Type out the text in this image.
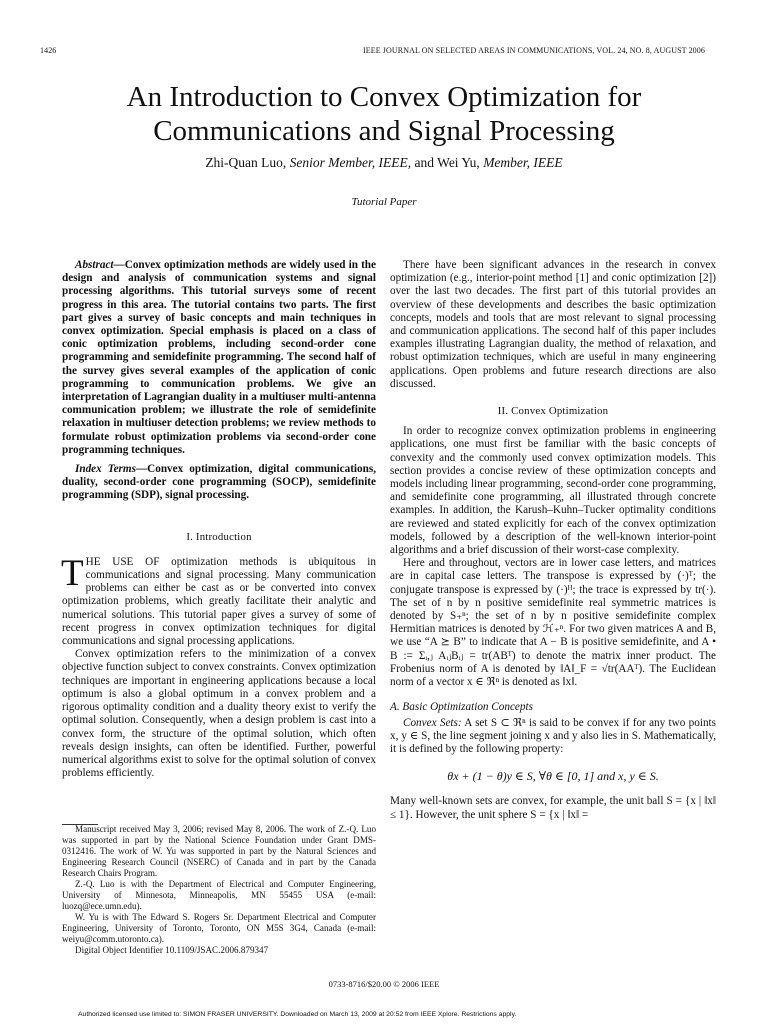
1426	IEEE JOURNAL ON SELECTED AREAS IN COMMUNICATIONS, VOL. 24, NO. 8, AUGUST 2006
An Introduction to Convex Optimization for
Communications and Signal Processing
Zhi-Quan Luo, Senior Member, IEEE, and Wei Yu, Member, IEEE
Tutorial Paper

Abstract—Convex optimization methods are widely used in the design and analysis of communication systems and signal processing algorithms. This tutorial surveys some of recent progress in this area. The tutorial contains two parts. The first part gives a survey of basic concepts and main techniques in convex optimization. Special emphasis is placed on a class of conic optimization problems, including second-order cone programming and semidefinite programming. The second half of the survey gives several examples of the application of conic programming to communication problems. We give an interpretation of Lagrangian duality in a multiuser multi-antenna communication problem; we illustrate the role of semidefinite relaxation in multiuser detection problems; we review methods to formulate robust optimization problems via second-order cone programming techniques.

Index Terms—Convex optimization, digital communications, duality, second-order cone programming (SOCP), semidefinite programming (SDP), signal processing.

I. Introduction

THE USE OF optimization methods is ubiquitous in communications and signal processing. Many communication problems can either be cast as or be converted into convex optimization problems, which greatly facilitate their analytic and numerical solutions. This tutorial paper gives a survey of some of recent progress in convex optimization techniques for digital communications and signal processing applications.

Convex optimization refers to the minimization of a convex objective function subject to convex constraints. Convex optimization techniques are important in engineering applications because a local optimum is also a global optimum in a convex problem and a rigorous optimality condition and a duality theory exist to verify the optimal solution. Consequently, when a design problem is cast into a convex form, the structure of the optimal solution, which often reveals design insights, can often be identified. Further, powerful numerical algorithms exist to solve for the optimal solution of convex problems efficiently.

Manuscript received May 3, 2006; revised May 8, 2006. The work of Z.-Q. Luo was supported in part by the National Science Foundation under Grant DMS-0312416. The work of W. Yu was supported in part by the Natural Sciences and Engineering Research Council (NSERC) of Canada and in part by the Canada Research Chairs Program.

Z.-Q. Luo is with the Department of Electrical and Computer Engineering, University of Minnesota, Minneapolis, MN 55455 USA (e-mail: luozq@ece.umn.edu).

W. Yu is with The Edward S. Rogers Sr. Department Electrical and Computer Engineering, University of Toronto, Toronto, ON M5S 3G4, Canada (e-mail: weiyu@comm.utoronto.ca).

Digital Object Identifier 10.1109/JSAC.2006.879347

There have been significant advances in the research in convex optimization (e.g., interior-point method [1] and conic optimization [2]) over the last two decades. The first part of this tutorial provides an overview of these developments and describes the basic optimization concepts, models and tools that are most relevant to signal processing and communication applications. The second half of this paper includes examples illustrating Lagrangian duality, the method of relaxation, and robust optimization techniques, which are useful in many engineering applications. Open problems and future research directions are also discussed.

II. Convex Optimization

In order to recognize convex optimization problems in engineering applications, one must first be familiar with the basic concepts of convexity and the commonly used convex optimization models. This section provides a concise review of these optimization concepts and models including linear programming, second-order cone programming, and semidefinite cone programming, all illustrated through concrete examples. In addition, the Karush–Kuhn–Tucker optimality conditions are reviewed and stated explicitly for each of the convex optimization models, followed by a description of the well-known interior-point algorithms and a brief discussion of their worst-case complexity.

Here and throughout, vectors are in lower case letters, and matrices are in capital case letters. The transpose is expressed by (·)ᵀ; the conjugate transpose is expressed by (·)ᴴ; the trace is expressed by tr(·). The set of n by n positive semidefinite real symmetric matrices is denoted by S₊ⁿ; the set of n by n positive semidefinite complex Hermitian matrices is denoted by ℋ₊ⁿ. For two given matrices A and B, we use “A ⪰ B” to indicate that A − B is positive semidefinite, and A • B := Σᵢ,ⱼ AᵢⱼBᵢⱼ = tr(ABᵀ) to denote the matrix inner product. The Frobenius norm of A is denoted by ‖A‖_F = √tr(AAᵀ). The Euclidean norm of a vector x ∈ ℜⁿ is denoted as ‖x‖.

A. Basic Optimization Concepts

Convex Sets: A set S ⊂ ℜⁿ is said to be convex if for any two points x, y ∈ S, the line segment joining x and y also lies in S. Mathematically, it is defined by the following property:

θx + (1 − θ)y ∈ S, ∀θ ∈ [0, 1] and x, y ∈ S.

Many well-known sets are convex, for example, the unit ball S = {x | ‖x‖ ≤ 1}. However, the unit sphere S = {x | ‖x‖ =

0733-8716/$20.00 © 2006 IEEE
Authorized licensed use limited to: SIMON FRASER UNIVERSITY. Downloaded on March 13, 2009 at 20:52 from IEEE Xplore. Restrictions apply.
